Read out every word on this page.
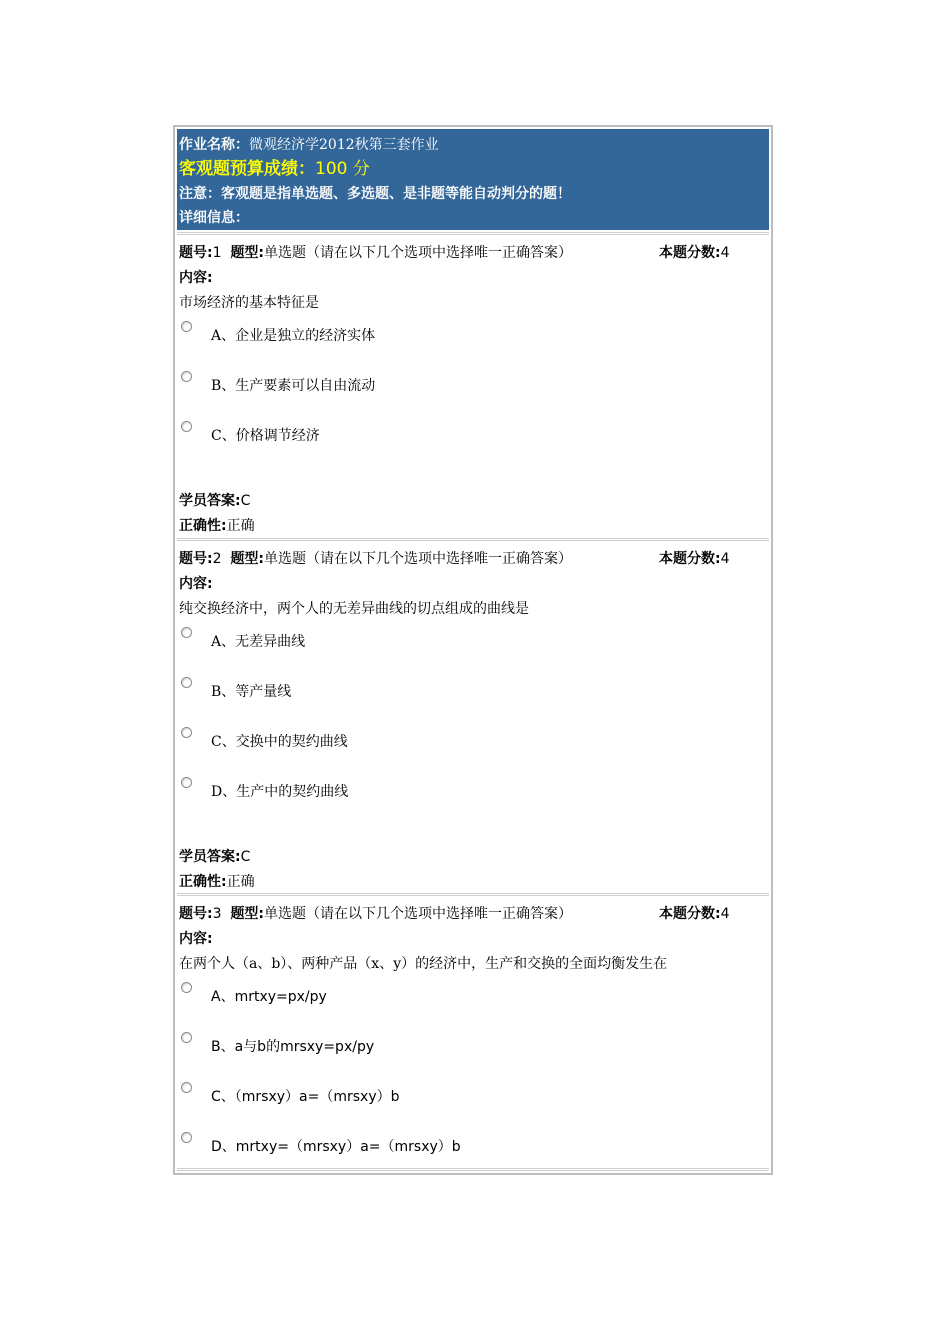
作业名称：微观经济学2012秋第三套作业
客观题预算成绩：100 分
注意：客观题是指单选题、多选题、是非题等能自动判分的题！
详细信息：
题号:1 题型:单选题（请在以下几个选项中选择唯一正确答案）	本题分数:4
内容:
市场经济的基本特征是
A、企业是独立的经济实体
B、生产要素可以自由流动
C、价格调节经济
学员答案:C
正确性:正确
题号:2 题型:单选题（请在以下几个选项中选择唯一正确答案）	本题分数:4
内容:
纯交换经济中，两个人的无差异曲线的切点组成的曲线是
A、无差异曲线
B、等产量线
C、交换中的契约曲线
D、生产中的契约曲线
学员答案:C
正确性:正确
题号:3 题型:单选题（请在以下几个选项中选择唯一正确答案）	本题分数:4
内容:
在两个人（a、b）、两种产品（x、y）的经济中，生产和交换的全面均衡发生在
A、mrtxy=px/py
B、a与b的mrsxy=px/py
C、（mrsxy）a=（mrsxy）b
D、mrtxy=（mrsxy）a=（mrsxy）b
